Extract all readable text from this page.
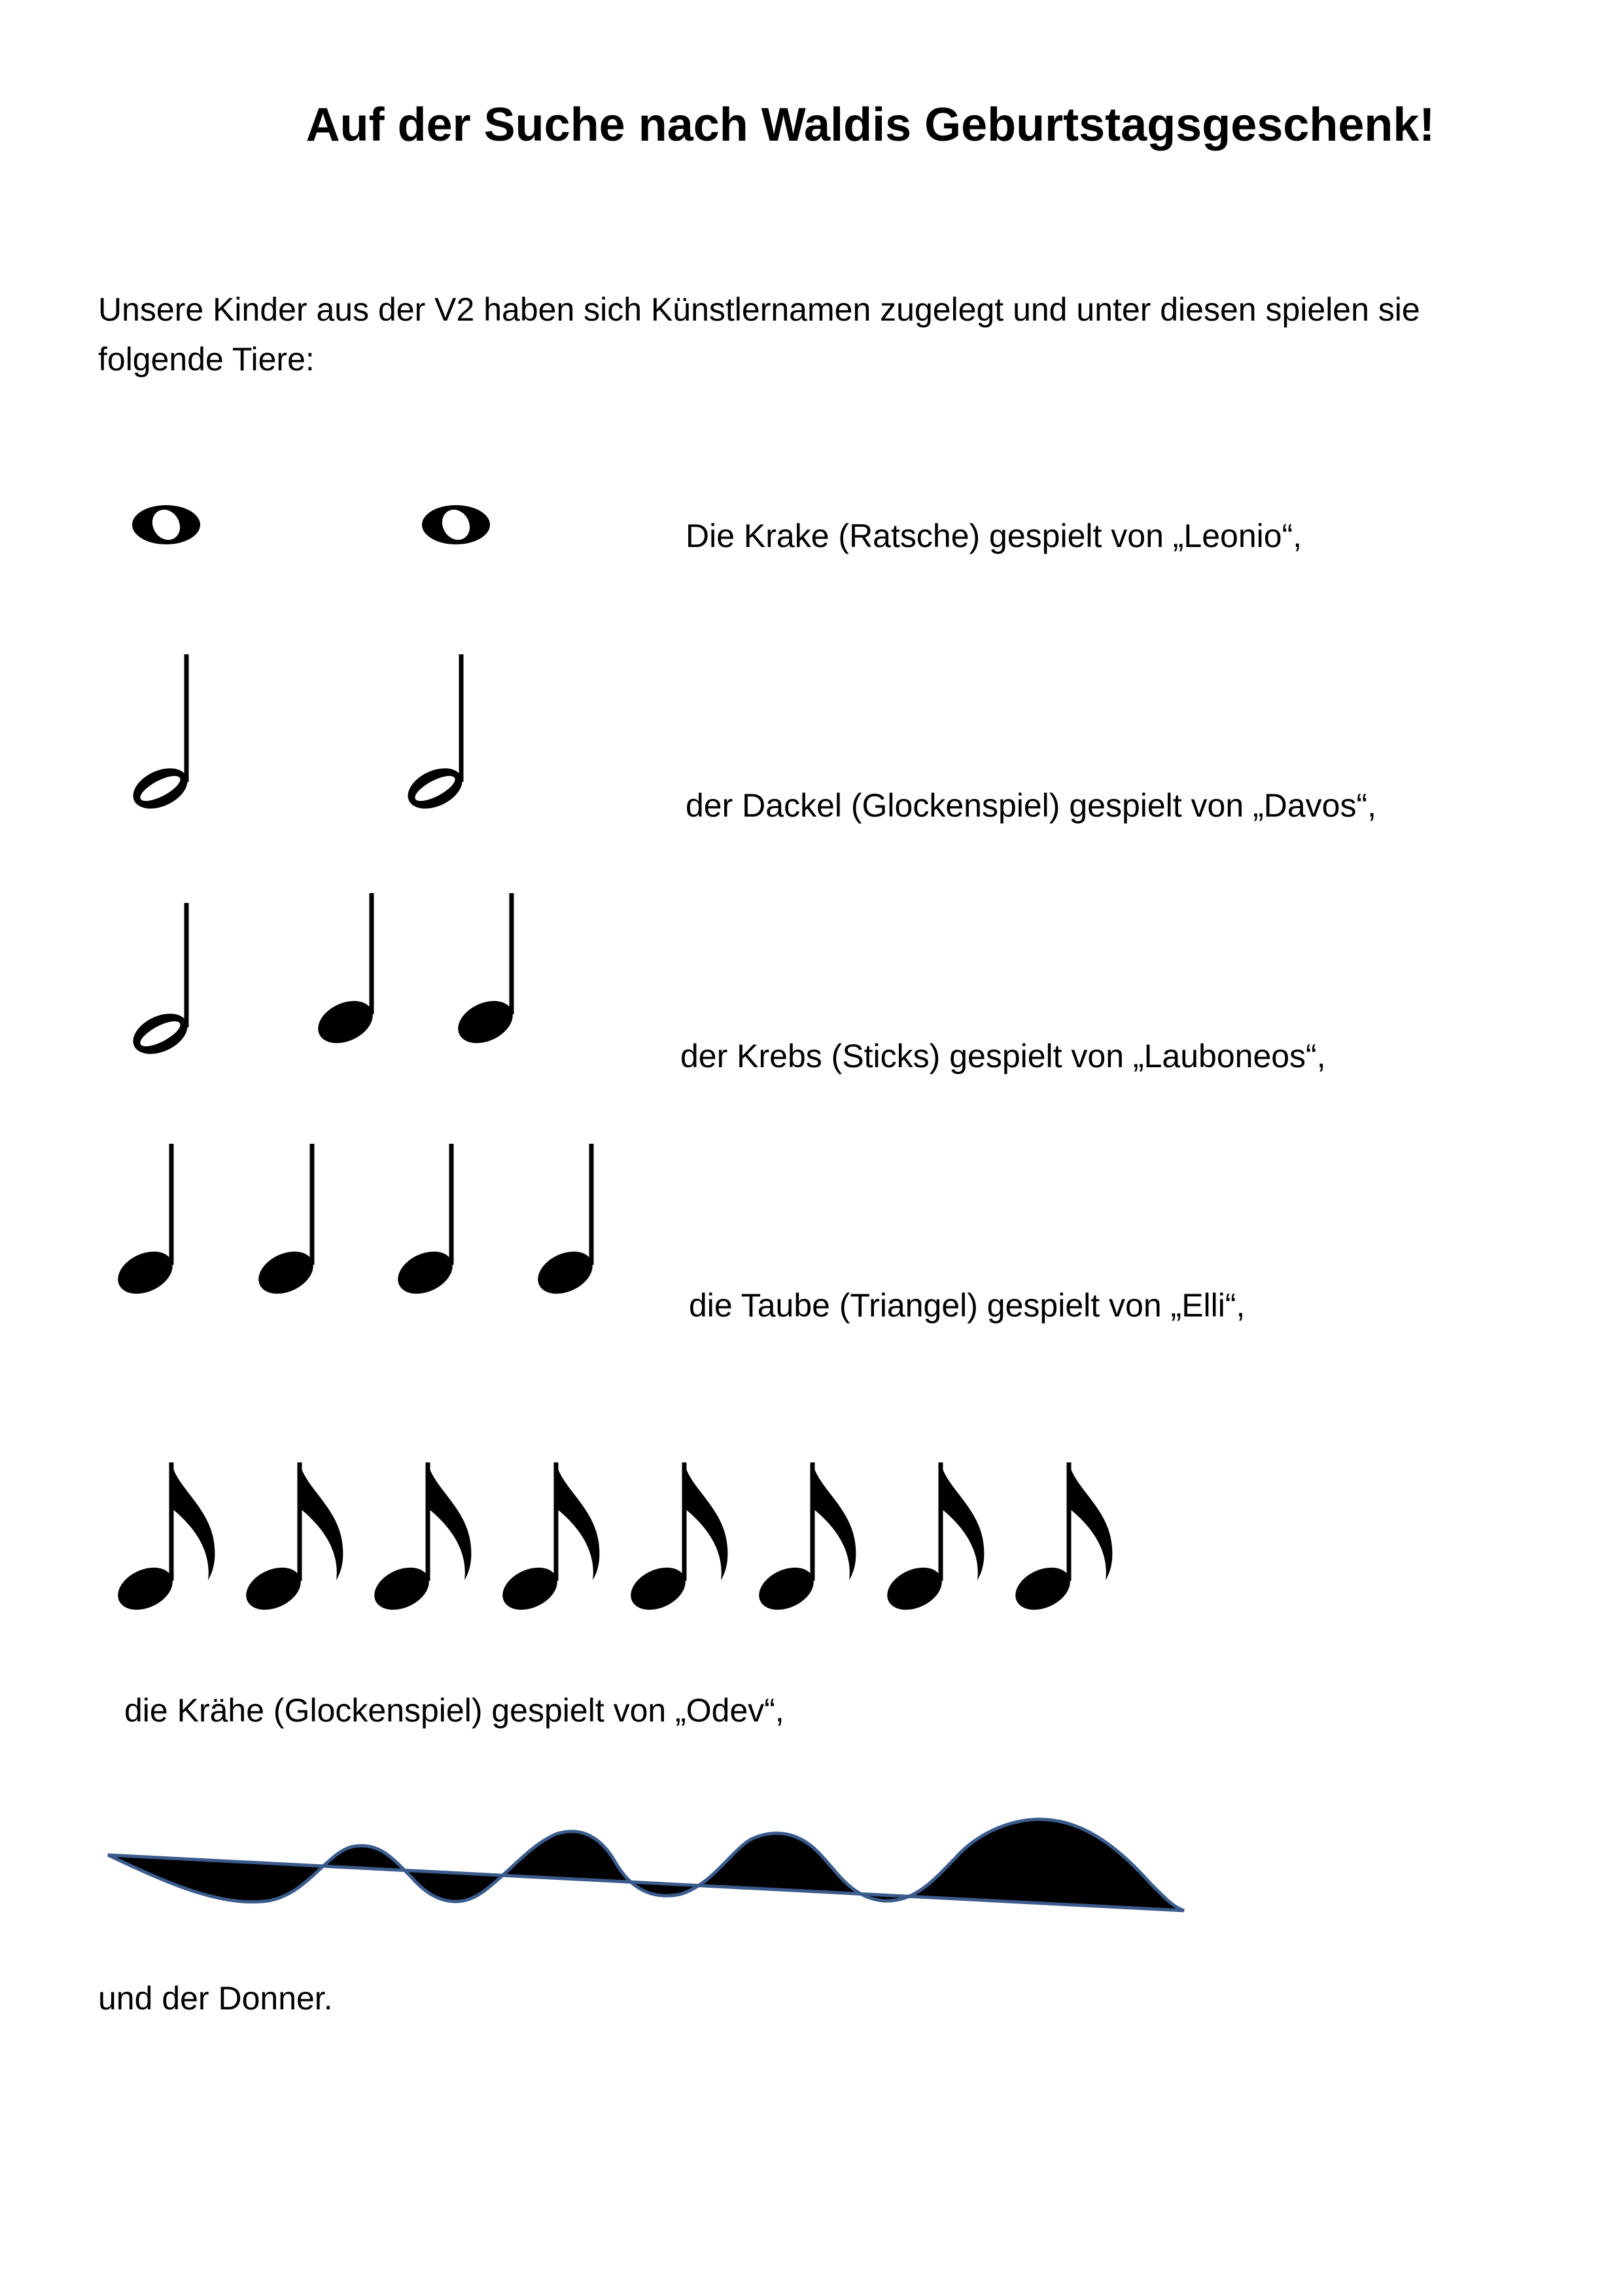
Auf der Suche nach Waldis Geburtstagsgeschenk!
Unsere Kinder aus der V2 haben sich Künstlernamen zugelegt und unter diesen spielen sie folgende Tiere:
Die Krake (Ratsche) gespielt von „Leonio“,
der Dackel (Glockenspiel) gespielt von „Davos“,
der Krebs (Sticks) gespielt von „Lauboneos“,
die Taube (Triangel) gespielt von „Elli“,
die Krähe (Glockenspiel) gespielt von „Odev“,
und der Donner.
